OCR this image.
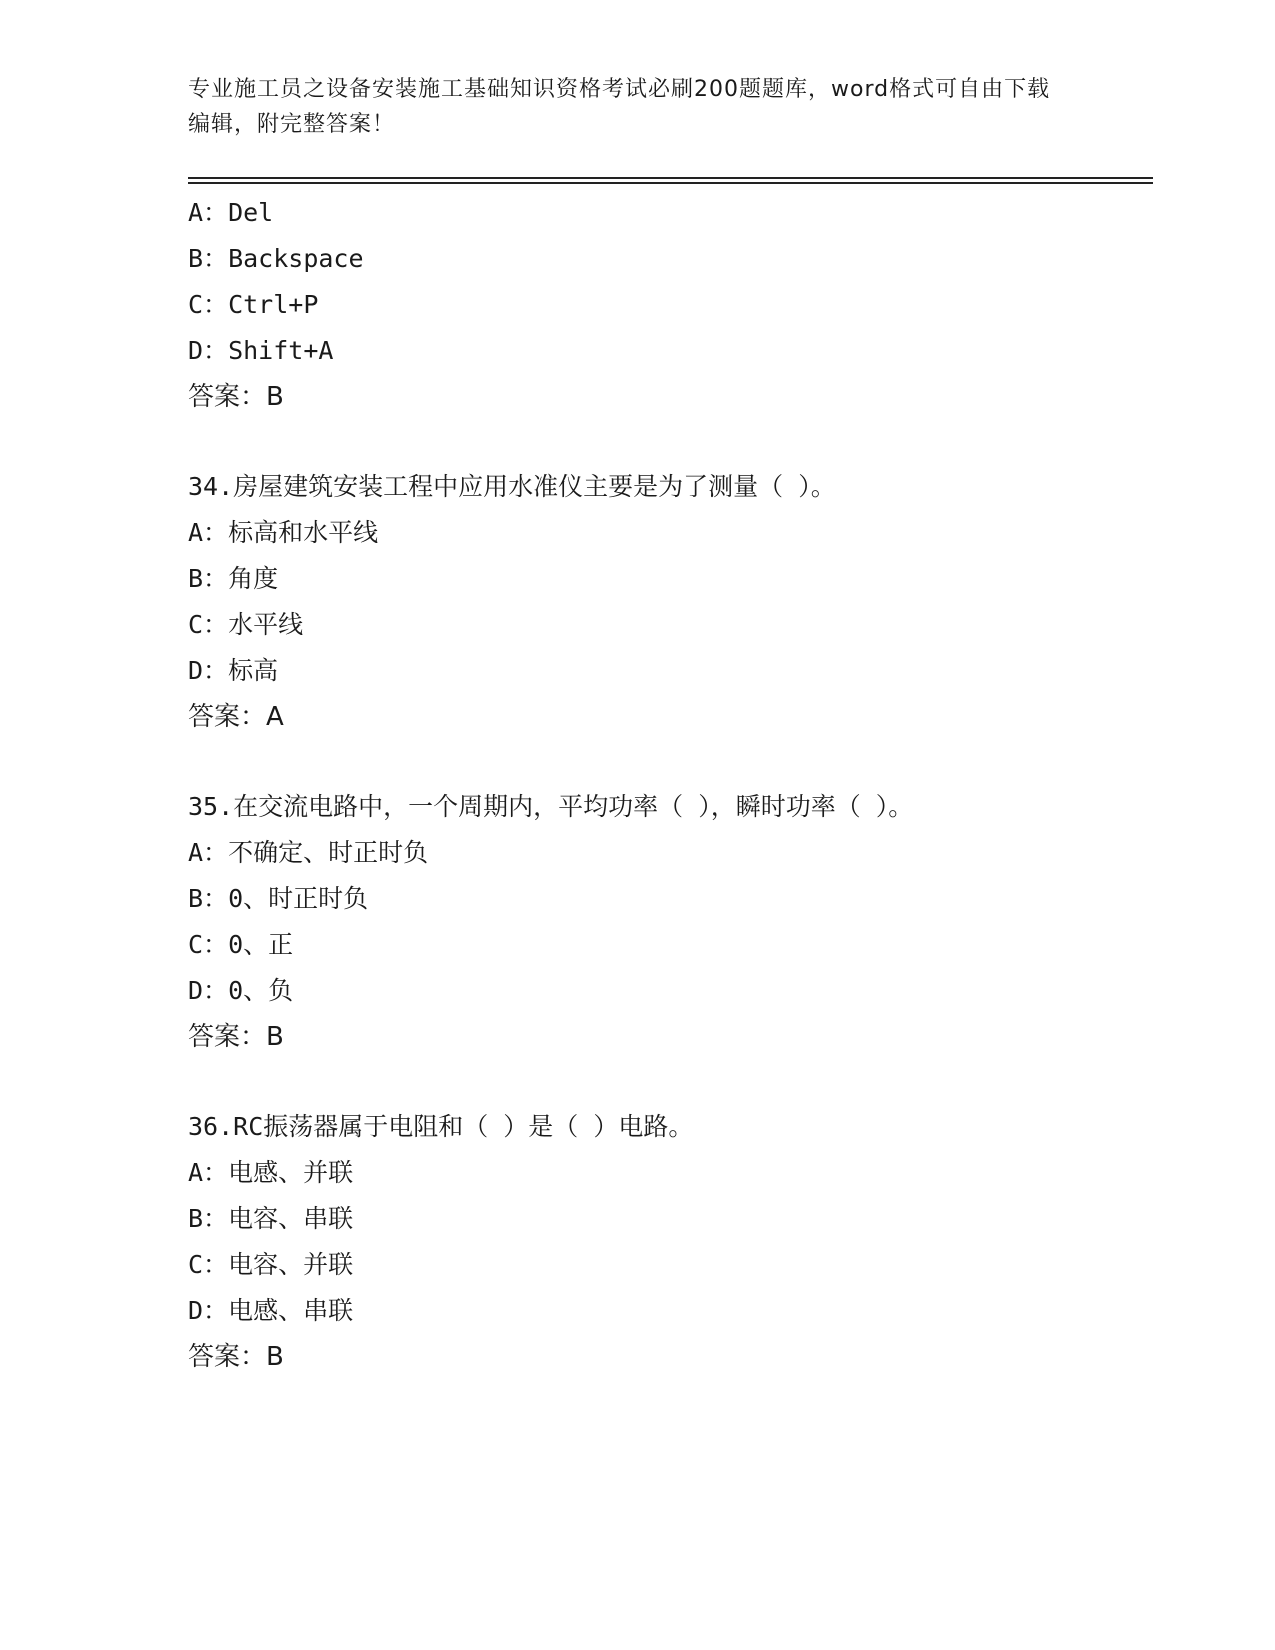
专业施工员之设备安装施工基础知识资格考试必刷200题题库，word格式可自由下载编辑，附完整答案！
A：Del
B：Backspace
C：Ctrl+P
D：Shift+A
答案：B
34.房屋建筑安装工程中应用水准仪主要是为了测量（ ）。
A：标高和水平线
B：角度
C：水平线
D：标高
答案：A
35.在交流电路中，一个周期内，平均功率（ ），瞬时功率（ ）。
A：不确定、时正时负
B：0、时正时负
C：0、正
D：0、负
答案：B
36.RC振荡器属于电阻和（ ）是（ ）电路。
A：电感、并联
B：电容、串联
C：电容、并联
D：电感、串联
答案：B
